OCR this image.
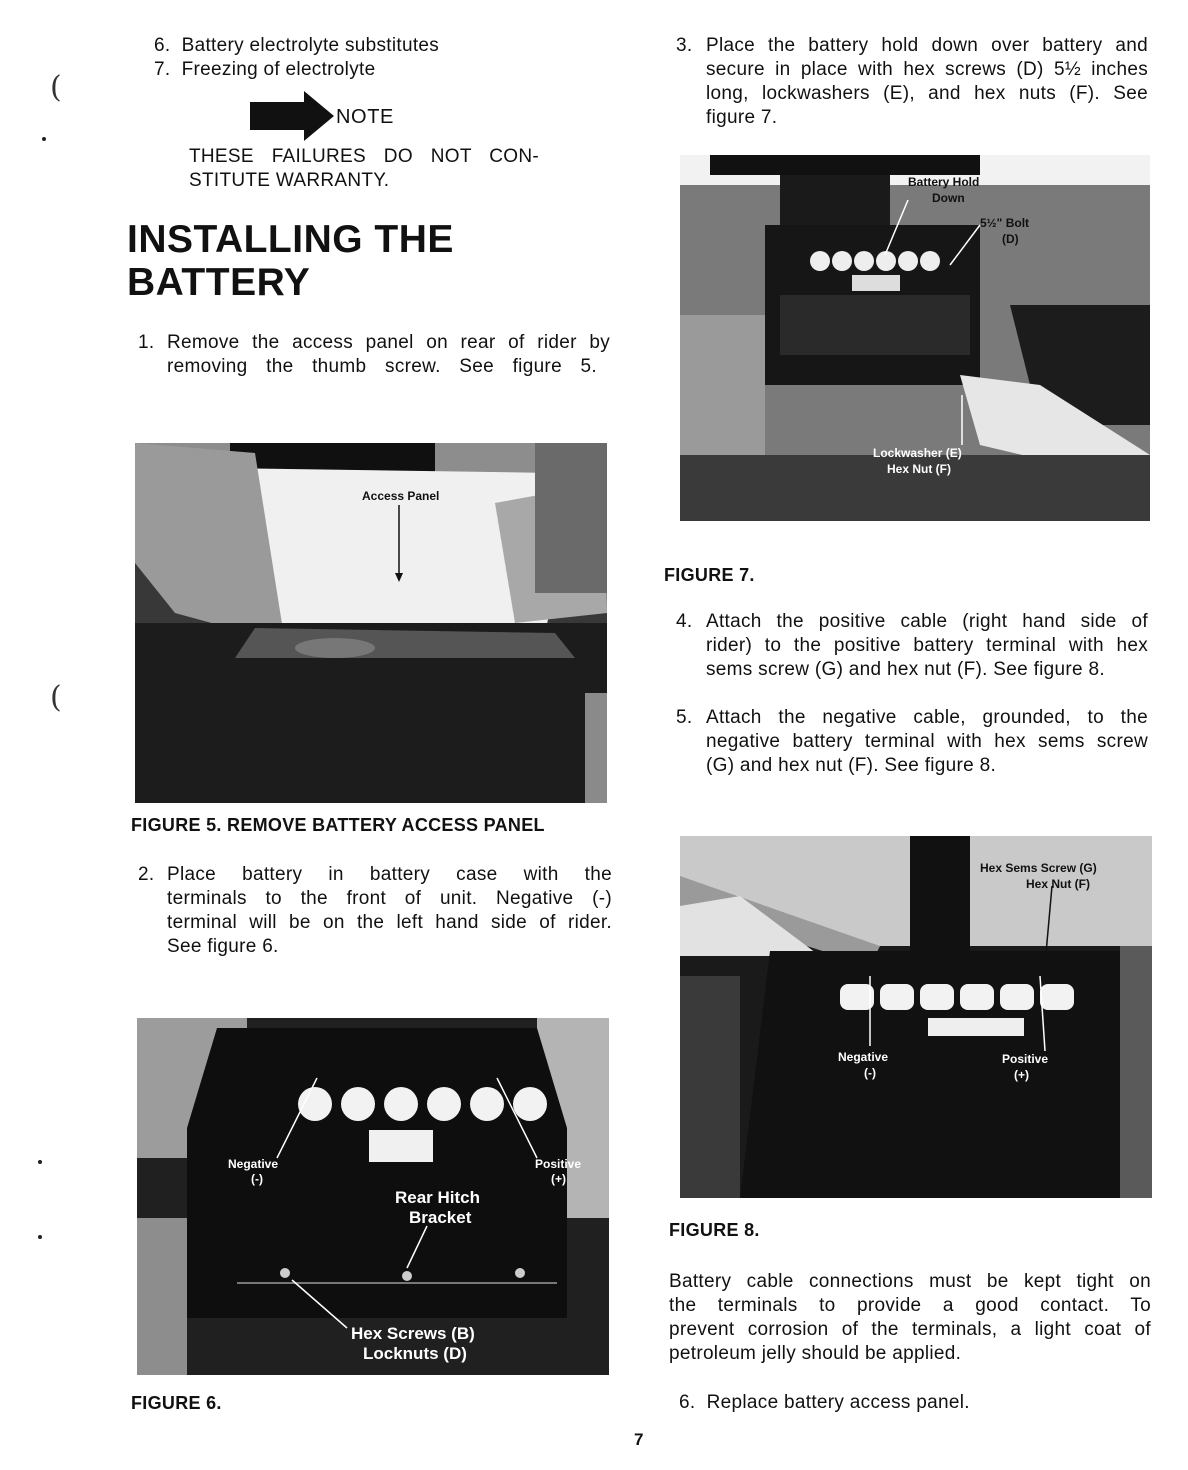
(
(
6. Battery electrolyte substitutes
7. Freezing of electrolyte
NOTE
THESE FAILURES DO NOT CON-
STITUTE WARRANTY.
INSTALLING THE
BATTERY
1. Remove the access panel on rear of rider by
removing the thumb screw. See figure 5.
Access Panel
FIGURE 5. REMOVE BATTERY ACCESS PANEL
2. Place battery in battery case with the
terminals to the front of unit. Negative (-)
terminal will be on the left hand side of rider.
See figure 6.
Negative
(-)
Positive
(+)
Rear Hitch
Bracket
Hex Screws (B)
Locknuts (D)
FIGURE 6.
3. Place the battery hold down over battery and
secure in place with hex screws (D) 5½ inches
long, lockwashers (E), and hex nuts (F). See
figure 7.
Battery Hold
Down
5½" Bolt
(D)
Lockwasher (E)
Hex Nut (F)
FIGURE 7.
4. Attach the positive cable (right hand side of
rider) to the positive battery terminal with hex
sems screw (G) and hex nut (F). See figure 8.
5. Attach the negative cable, grounded, to the
negative battery terminal with hex sems screw
(G) and hex nut (F). See figure 8.
Hex Sems Screw (G)
Hex Nut (F)
Negative
(-)
Positive
(+)
FIGURE 8.
Battery cable connections must be kept tight on
the terminals to provide a good contact. To
prevent corrosion of the terminals, a light coat of
petroleum jelly should be applied.
6. Replace battery access panel.
7
